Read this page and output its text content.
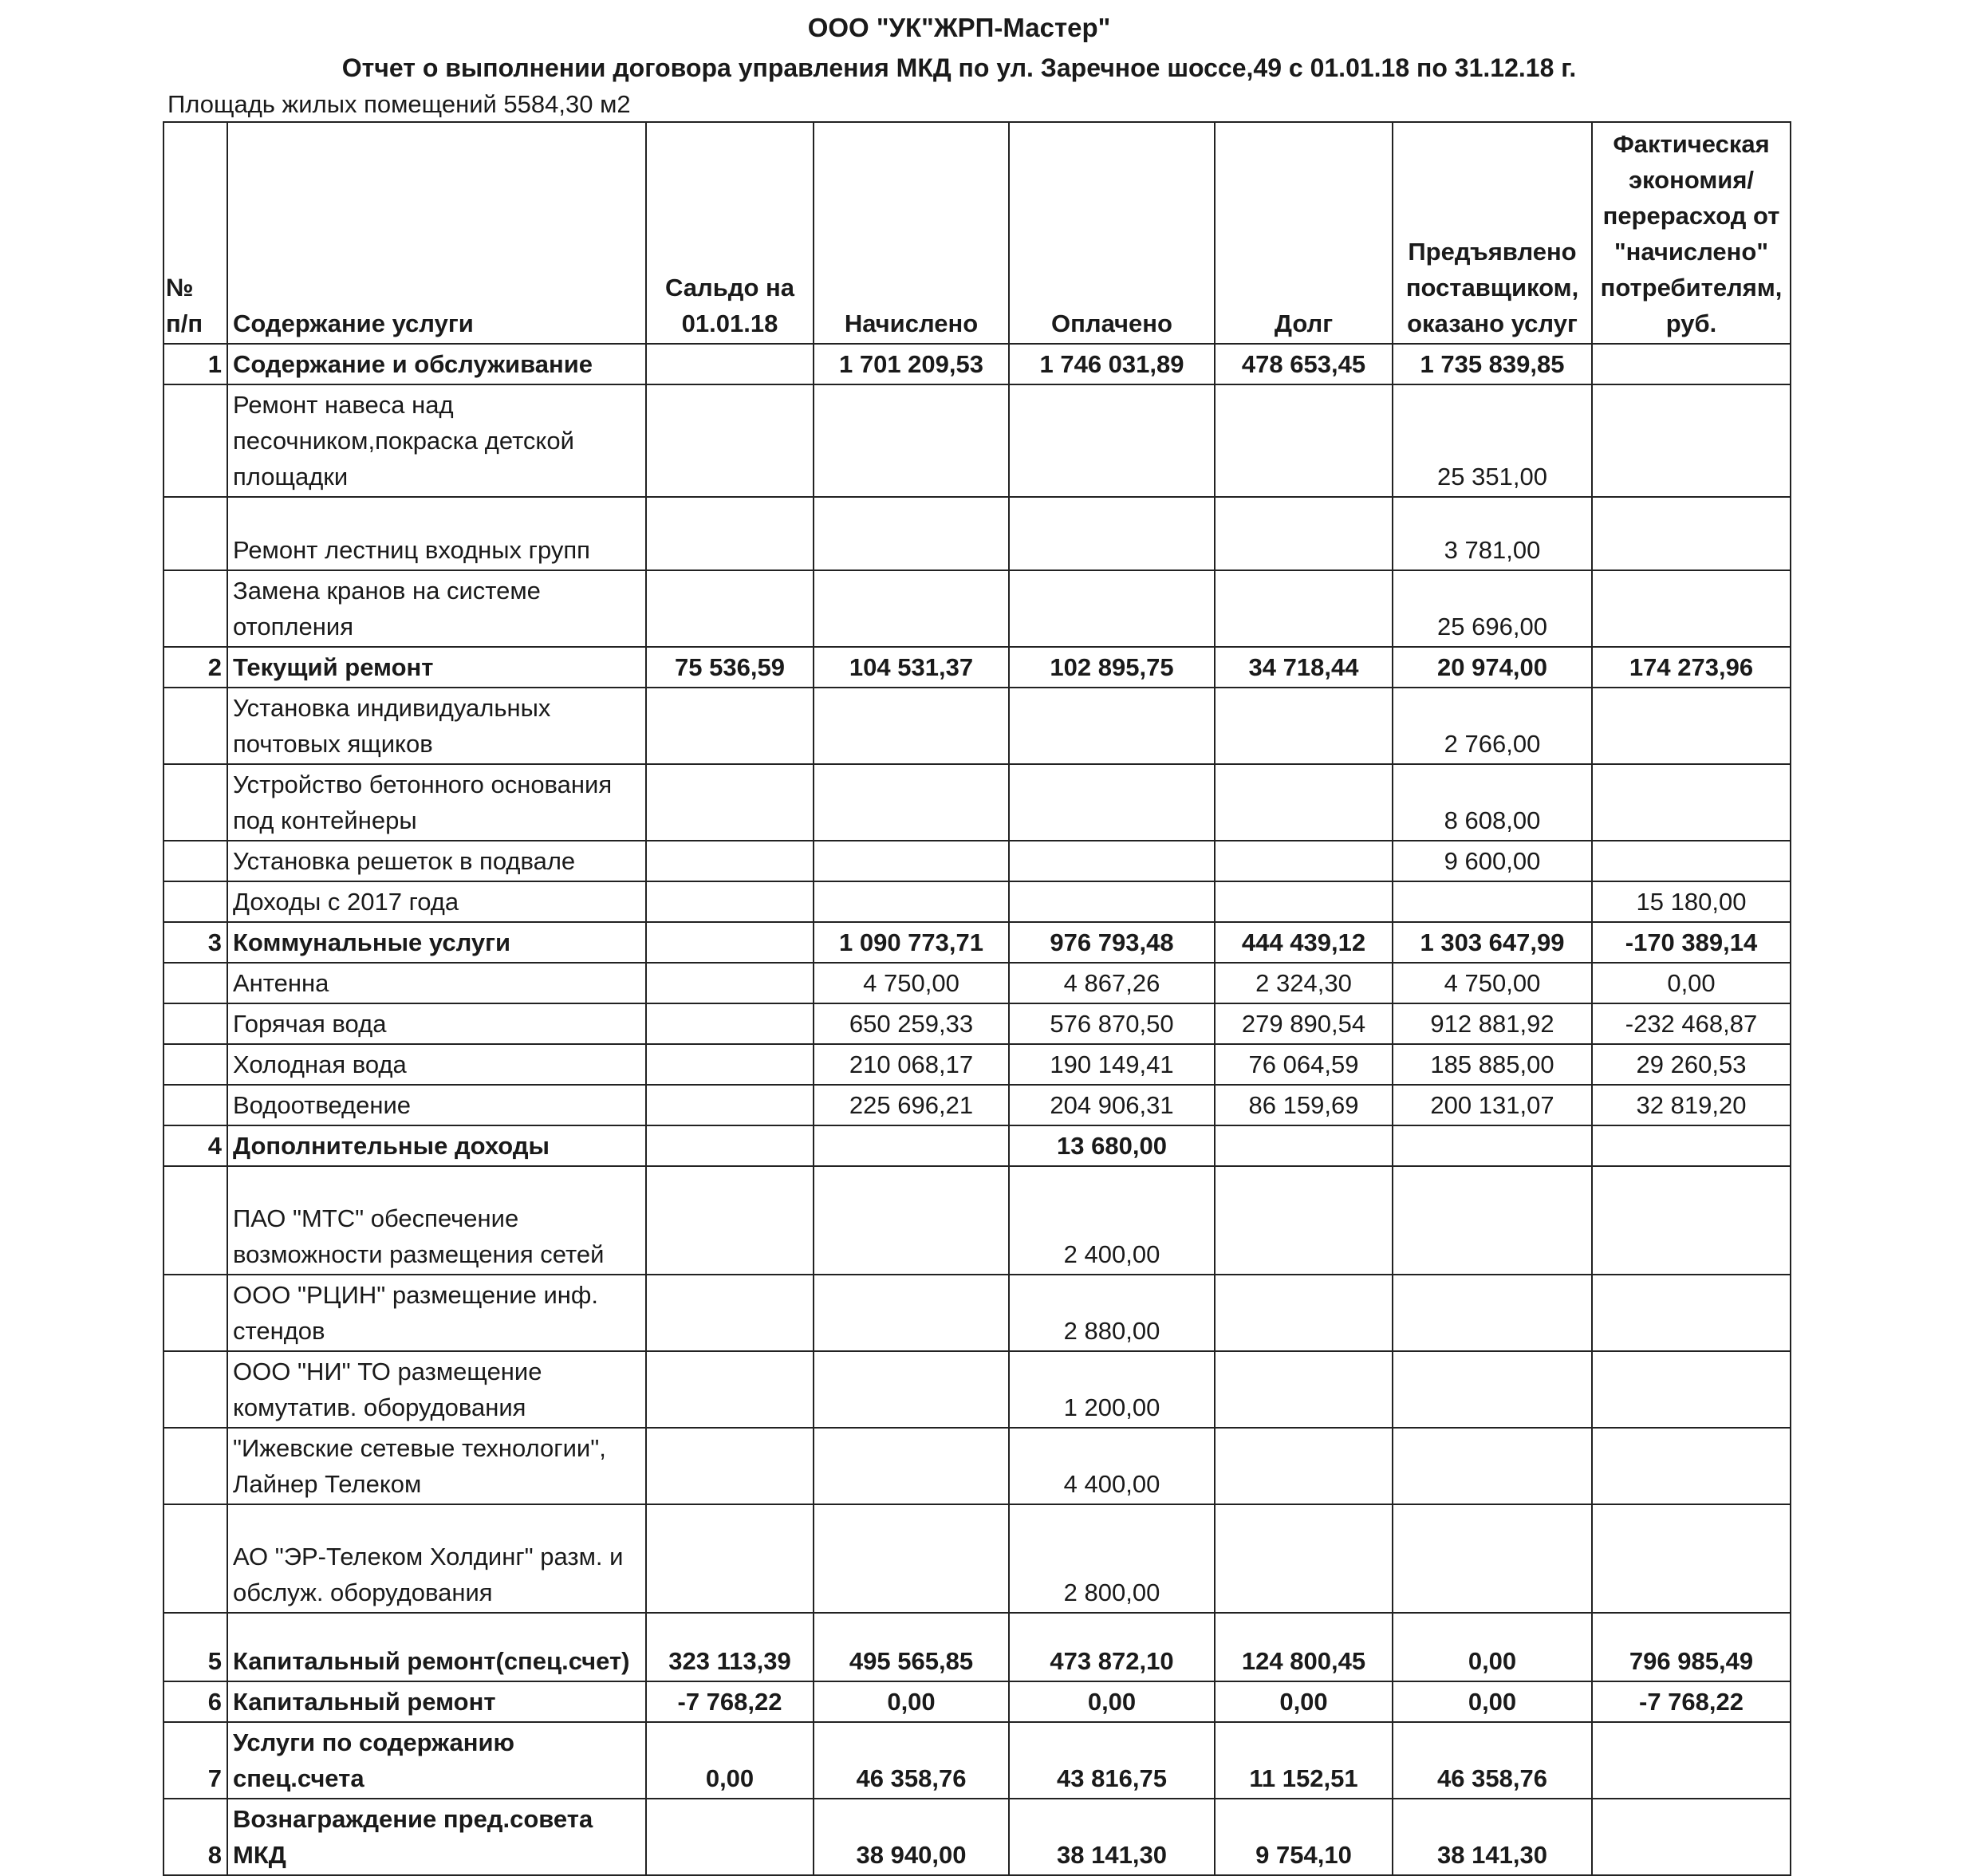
ООО "УК"ЖРП-Мастер"
Отчет о выполнении договора управления МКД по ул. Заречное шоссе,49 с 01.01.18 по 31.12.18 г.
Площадь жилых помещений 5584,30 м2
№ п/п	Содержание услуги	Сальдо на 01.01.18	Начислено	Оплачено	Долг	Предъявлено поставщиком, оказано услуг	Фактическая экономия/перерасход от "начислено" потребителям, руб.
1	Содержание и обслуживание		1 701 209,53	1 746 031,89	478 653,45	1 735 839,85	
	Ремонт навеса над песочником,покраска детской площадки					25 351,00	
	Ремонт лестниц входных групп					3 781,00	
	Замена кранов на системе отопления					25 696,00	
2	Текущий ремонт	75 536,59	104 531,37	102 895,75	34 718,44	20 974,00	174 273,96
	Установка индивидуальных почтовых ящиков					2 766,00	
	Устройство бетонного основания под контейнеры					8 608,00	
	Установка решеток в подвале					9 600,00	
	Доходы с 2017 года						15 180,00
3	Коммунальные услуги		1 090 773,71	976 793,48	444 439,12	1 303 647,99	-170 389,14
	Антенна		4 750,00	4 867,26	2 324,30	4 750,00	0,00
	Горячая вода		650 259,33	576 870,50	279 890,54	912 881,92	-232 468,87
	Холодная вода		210 068,17	190 149,41	76 064,59	185 885,00	29 260,53
	Водоотведение		225 696,21	204 906,31	86 159,69	200 131,07	32 819,20
4	Дополнительные доходы			13 680,00			
	ПАО "МТС" обеспечение возможности размещения сетей			2 400,00			
	ООО "РЦИН" размещение инф. стендов			2 880,00			
	ООО "НИ" ТО размещение комутатив. оборудования			1 200,00			
	"Ижевские сетевые технологии", Лайнер Телеком			4 400,00			
	АО "ЭР-Телеком Холдинг" разм. и обслуж. оборудования			2 800,00			
5	Капитальный ремонт(спец.счет)	323 113,39	495 565,85	473 872,10	124 800,45	0,00	796 985,49
6	Капитальный ремонт	-7 768,22	0,00	0,00	0,00	0,00	-7 768,22
7	Услуги по содержанию спец.счета	0,00	46 358,76	43 816,75	11 152,51	46 358,76	
8	Вознаграждение пред.совета МКД		38 940,00	38 141,30	9 754,10	38 141,30	
